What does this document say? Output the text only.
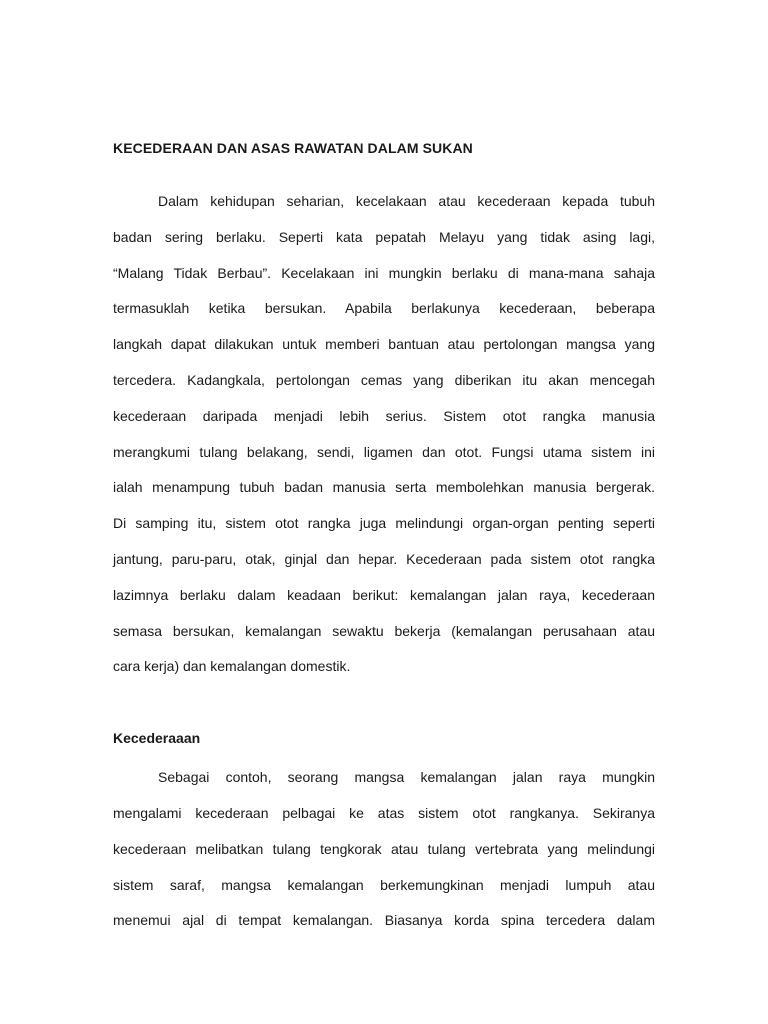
KECEDERAAN DAN ASAS RAWATAN DALAM SUKAN
Dalam kehidupan seharian, kecelakaan atau kecederaan kepada tubuh
badan sering berlaku. Seperti kata pepatah Melayu yang tidak asing lagi,
“Malang Tidak Berbau”. Kecelakaan ini mungkin berlaku di mana-mana sahaja
termasuklah ketika bersukan. Apabila berlakunya kecederaan, beberapa
langkah dapat dilakukan untuk memberi bantuan atau pertolongan mangsa yang
tercedera. Kadangkala, pertolongan cemas yang diberikan itu akan mencegah
kecederaan daripada menjadi lebih serius. Sistem otot rangka manusia
merangkumi tulang belakang, sendi, ligamen dan otot. Fungsi utama sistem ini
ialah menampung tubuh badan manusia serta membolehkan manusia bergerak.
Di samping itu, sistem otot rangka juga melindungi organ-organ penting seperti
jantung, paru-paru, otak, ginjal dan hepar. Kecederaan pada sistem otot rangka
lazimnya berlaku dalam keadaan berikut: kemalangan jalan raya, kecederaan
semasa bersukan, kemalangan sewaktu bekerja (kemalangan perusahaan atau
cara kerja) dan kemalangan domestik.
Kecederaaan
Sebagai contoh, seorang mangsa kemalangan jalan raya mungkin
mengalami kecederaan pelbagai ke atas sistem otot rangkanya. Sekiranya
kecederaan melibatkan tulang tengkorak atau tulang vertebrata yang melindungi
sistem saraf, mangsa kemalangan berkemungkinan menjadi lumpuh atau
menemui ajal di tempat kemalangan. Biasanya korda spina tercedera dalam
